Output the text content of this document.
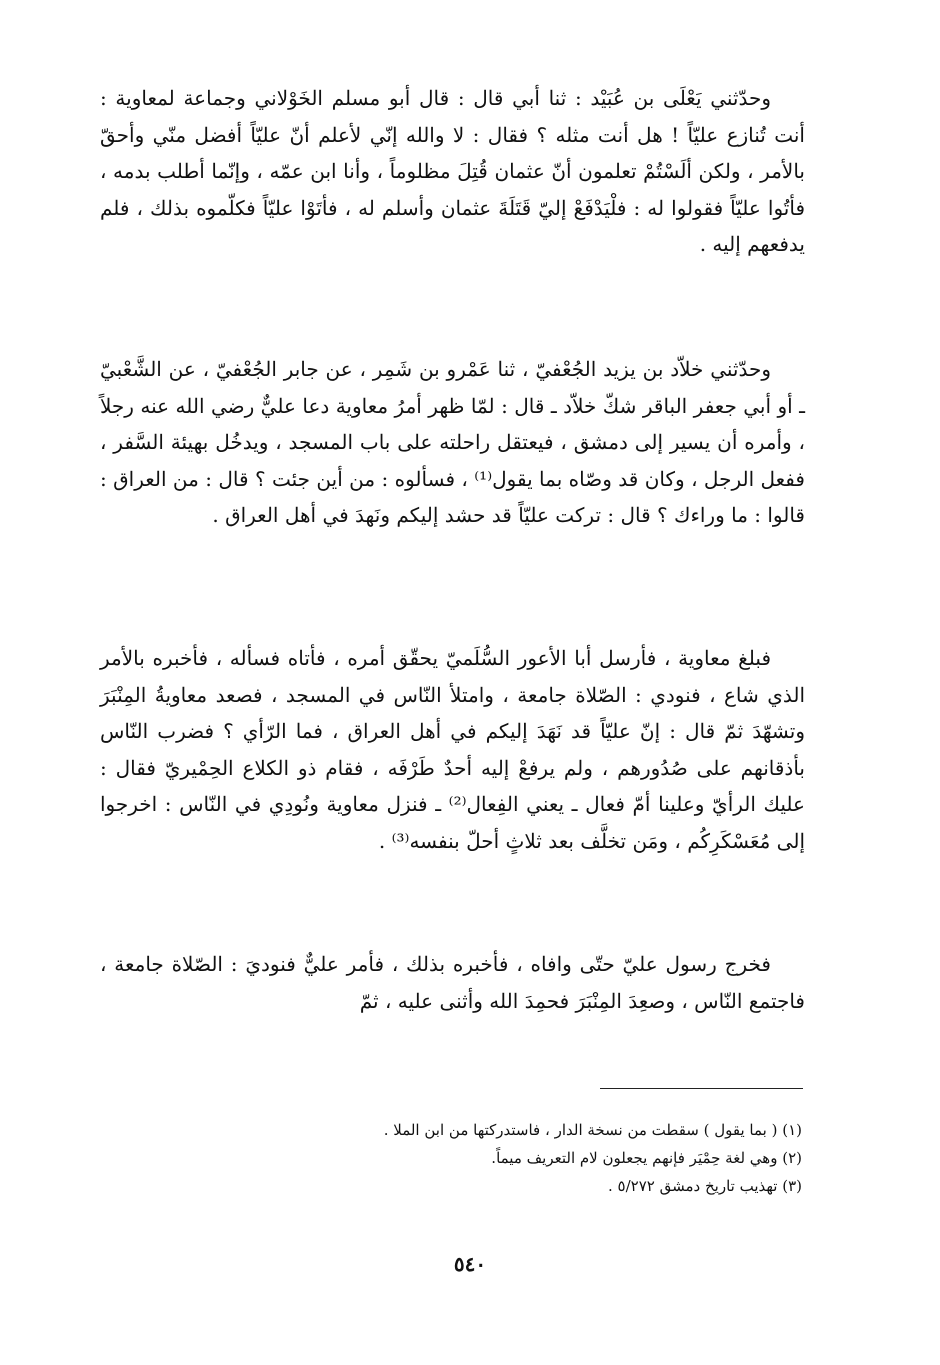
وحدّثني يَعْلَى بن عُبَيْد : ثنا أبي قال : قال أبو مسلم الخَوْلاني وجماعة لمعاوية : أنت تُنازع عليّاً ! هل أنت مثله ؟ فقال : لا والله إنّي لأعلم أنّ عليّاً أفضل منّي وأحقّ بالأمر ، ولكن ألَسْتُمْ تعلمون أنّ عثمان قُتِلَ مظلوماً ، وأنا ابن عمّه ، وإنّما أطلب بدمه ، فأتُوا عليّاً فقولوا له : فلْيَدْفَعْ إليّ قَتَلَةَ عثمان وأسلم له ، فأتَوْا عليّاً فكلّموه بذلك ، فلم يدفعهم إليه .

وحدّثني خلاّد بن يزيد الجُعْفيّ ، ثنا عَمْرو بن شَمِر ، عن جابر الجُعْفيّ ، عن الشَّعْبيّ ـ أو أبي جعفر الباقر شكّ خلاّد ـ قال : لمّا ظهر أمرُ معاوية دعا عليٌّ رضي الله عنه رجلاً ، وأمره أن يسير إلى دمشق ، فيعتقل راحلته على باب المسجد ، ويدخُل بهيئة السَّفر ، ففعل الرجل ، وكان قد وصّاه بما يقول⁽¹⁾ ، فسألوه : من أين جئت ؟ قال : من العراق : قالوا : ما وراءك ؟ قال : تركت عليّاً قد حشد إليكم ونَهدَ في أهل العراق .

فبلغ معاوية ، فأرسل أبا الأعور السُّلَميّ يحقّق أمره ، فأتاه فسأله ، فأخبره بالأمر الذي شاع ، فنودي : الصّلاة جامعة ، وامتلأ النّاس في المسجد ، فصعد معاويةُ المِنْبَرَ وتشهّدَ ثمّ قال : إنّ عليّاً قد نَهَدَ إليكم في أهل العراق ، فما الرّأي ؟ فضرب النّاس بأذقانهم على صُدُورهم ، ولم يرفعْ إليه أحدٌ طَرْفَه ، فقام ذو الكلاع الحِمْيريّ فقال : عليك الرأيّ وعلينا أمّ فعال ـ يعني الفِعال⁽²⁾ ـ فنزل معاوية ونُودِي في النّاس : اخرجوا إلى مُعَسْكَرِكُم ، ومَن تخلَّف بعد ثلاثٍ أحلّ بنفسه⁽³⁾ .

فخرج رسول عليّ حتّى وافاه ، فأخبره بذلك ، فأمر عليٌّ فنوديَ : الصّلاة جامعة ، فاجتمع النّاس ، وصعِدَ المِنْبَرَ فحمِدَ الله وأثنى عليه ، ثمّ

(١) ( بما يقول ) سقطت من نسخة الدار ، فاستدركتها من ابن الملا .

(٢) وهي لغة حِمْيَر فإنهم يجعلون لام التعريف ميماً.

(٣) تهذيب تاريخ دمشق ٥/٢٧٢ .

٥٤٠
